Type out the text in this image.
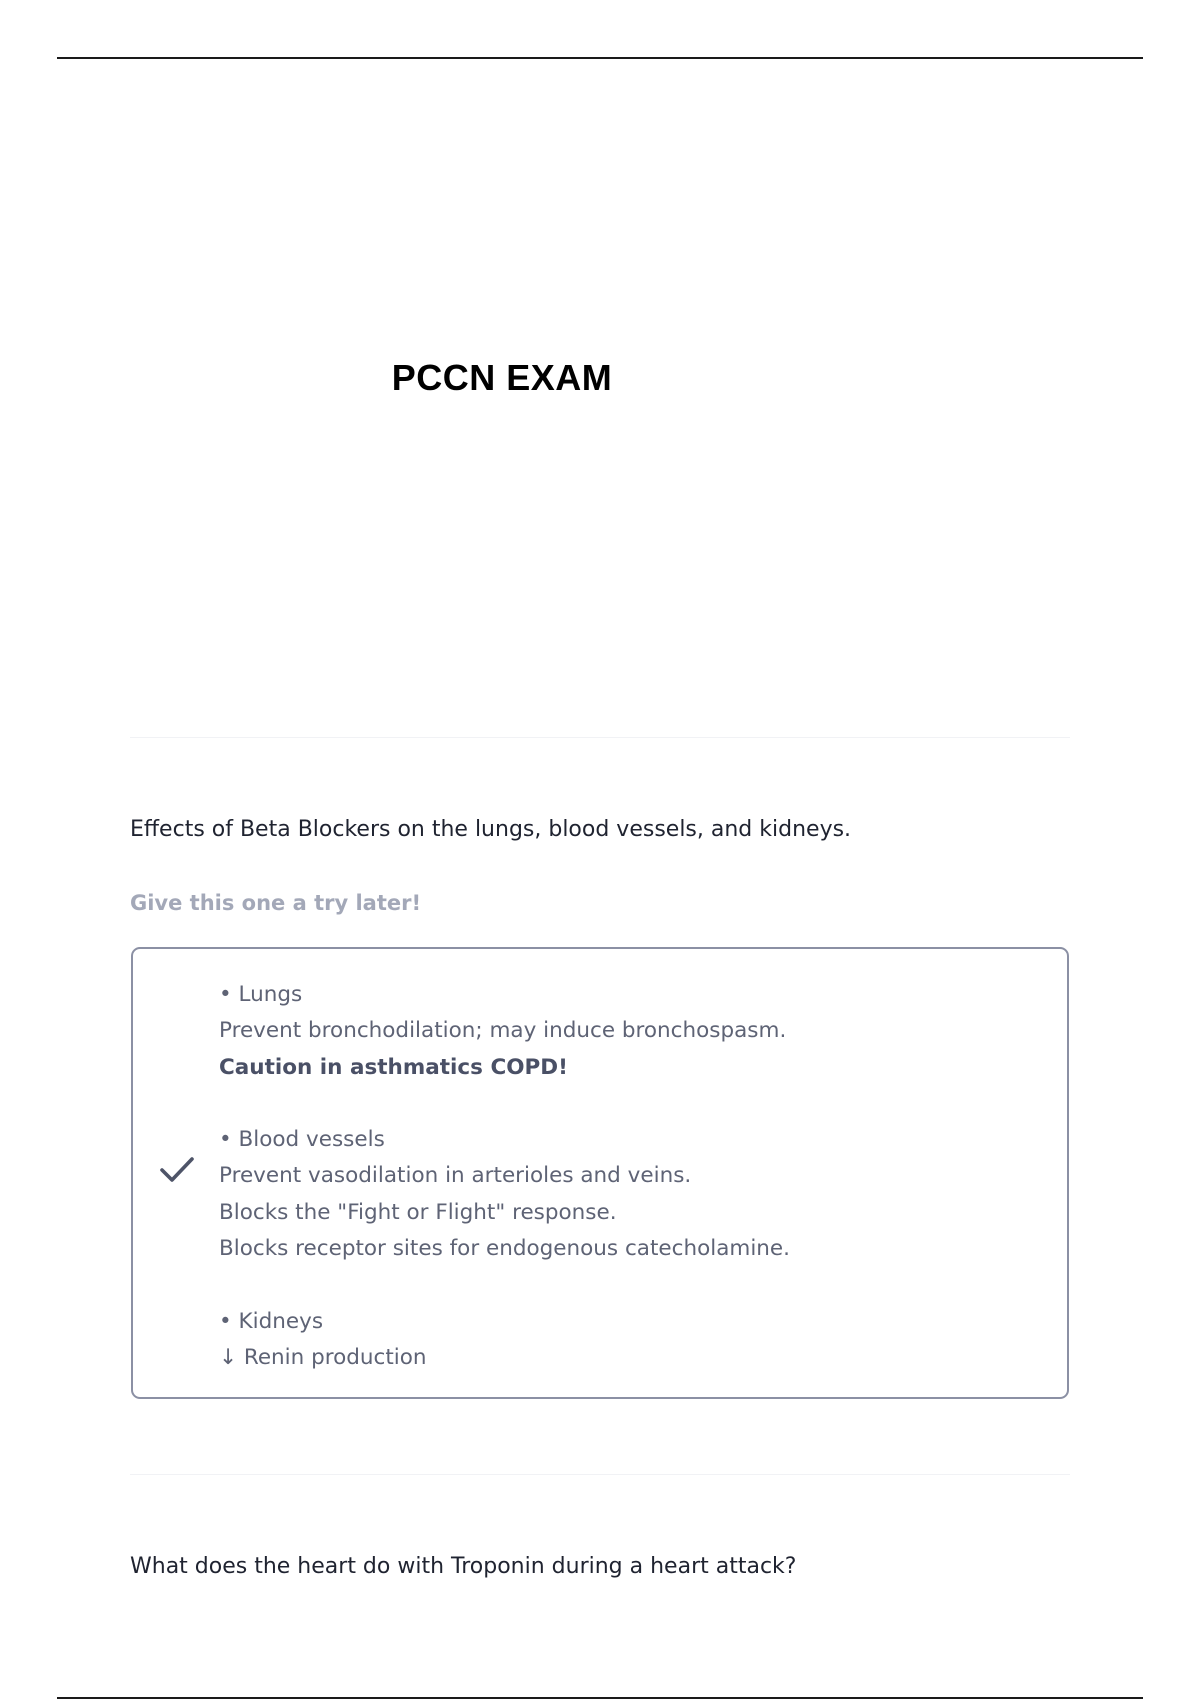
PCCN EXAM
Effects of Beta Blockers on the lungs, blood vessels, and kidneys.
Give this one a try later!
• Lungs
Prevent bronchodilation; may induce bronchospasm.
Caution in asthmatics COPD!
• Blood vessels
Prevent vasodilation in arterioles and veins.
Blocks the "Fight or Flight" response.
Blocks receptor sites for endogenous catecholamine.
• Kidneys
↓ Renin production
What does the heart do with Troponin during a heart attack?
